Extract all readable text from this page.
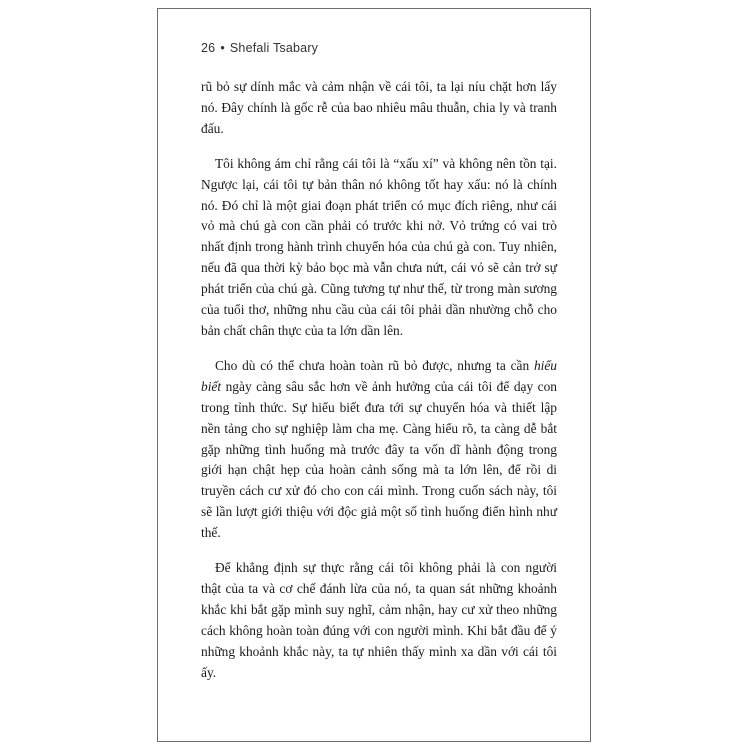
26 • Shefali Tsabary

rũ bỏ sự dính mắc và cảm nhận về cái tôi, ta lại níu chặt hơn lấy nó. Đây chính là gốc rễ của bao nhiêu mâu thuẫn, chia ly và tranh đấu.

Tôi không ám chỉ rằng cái tôi là “xấu xí” và không nên tồn tại. Ngược lại, cái tôi tự bản thân nó không tốt hay xấu: nó là chính nó. Đó chỉ là một giai đoạn phát triển có mục đích riêng, như cái vỏ mà chú gà con cần phải có trước khi nở. Vỏ trứng có vai trò nhất định trong hành trình chuyển hóa của chú gà con. Tuy nhiên, nếu đã qua thời kỳ bảo bọc mà vẫn chưa nứt, cái vỏ sẽ cản trở sự phát triển của chú gà. Cũng tương tự như thế, từ trong màn sương của tuổi thơ, những nhu cầu của cái tôi phải dần nhường chỗ cho bản chất chân thực của ta lớn dần lên.

Cho dù có thể chưa hoàn toàn rũ bỏ được, nhưng ta cần hiểu biết ngày càng sâu sắc hơn về ảnh hưởng của cái tôi để dạy con trong tỉnh thức. Sự hiểu biết đưa tới sự chuyển hóa và thiết lập nền tảng cho sự nghiệp làm cha mẹ. Càng hiểu rõ, ta càng dễ bắt gặp những tình huống mà trước đây ta vốn dĩ hành động trong giới hạn chật hẹp của hoàn cảnh sống mà ta lớn lên, để rồi di truyền cách cư xử đó cho con cái mình. Trong cuốn sách này, tôi sẽ lần lượt giới thiệu với độc giả một số tình huống điển hình như thế.

Để khẳng định sự thực rằng cái tôi không phải là con người thật của ta và cơ chế đánh lừa của nó, ta quan sát những khoảnh khắc khi bắt gặp mình suy nghĩ, cảm nhận, hay cư xử theo những cách không hoàn toàn đúng với con người mình. Khi bắt đầu để ý những khoảnh khắc này, ta tự nhiên thấy mình xa dần với cái tôi ấy.
